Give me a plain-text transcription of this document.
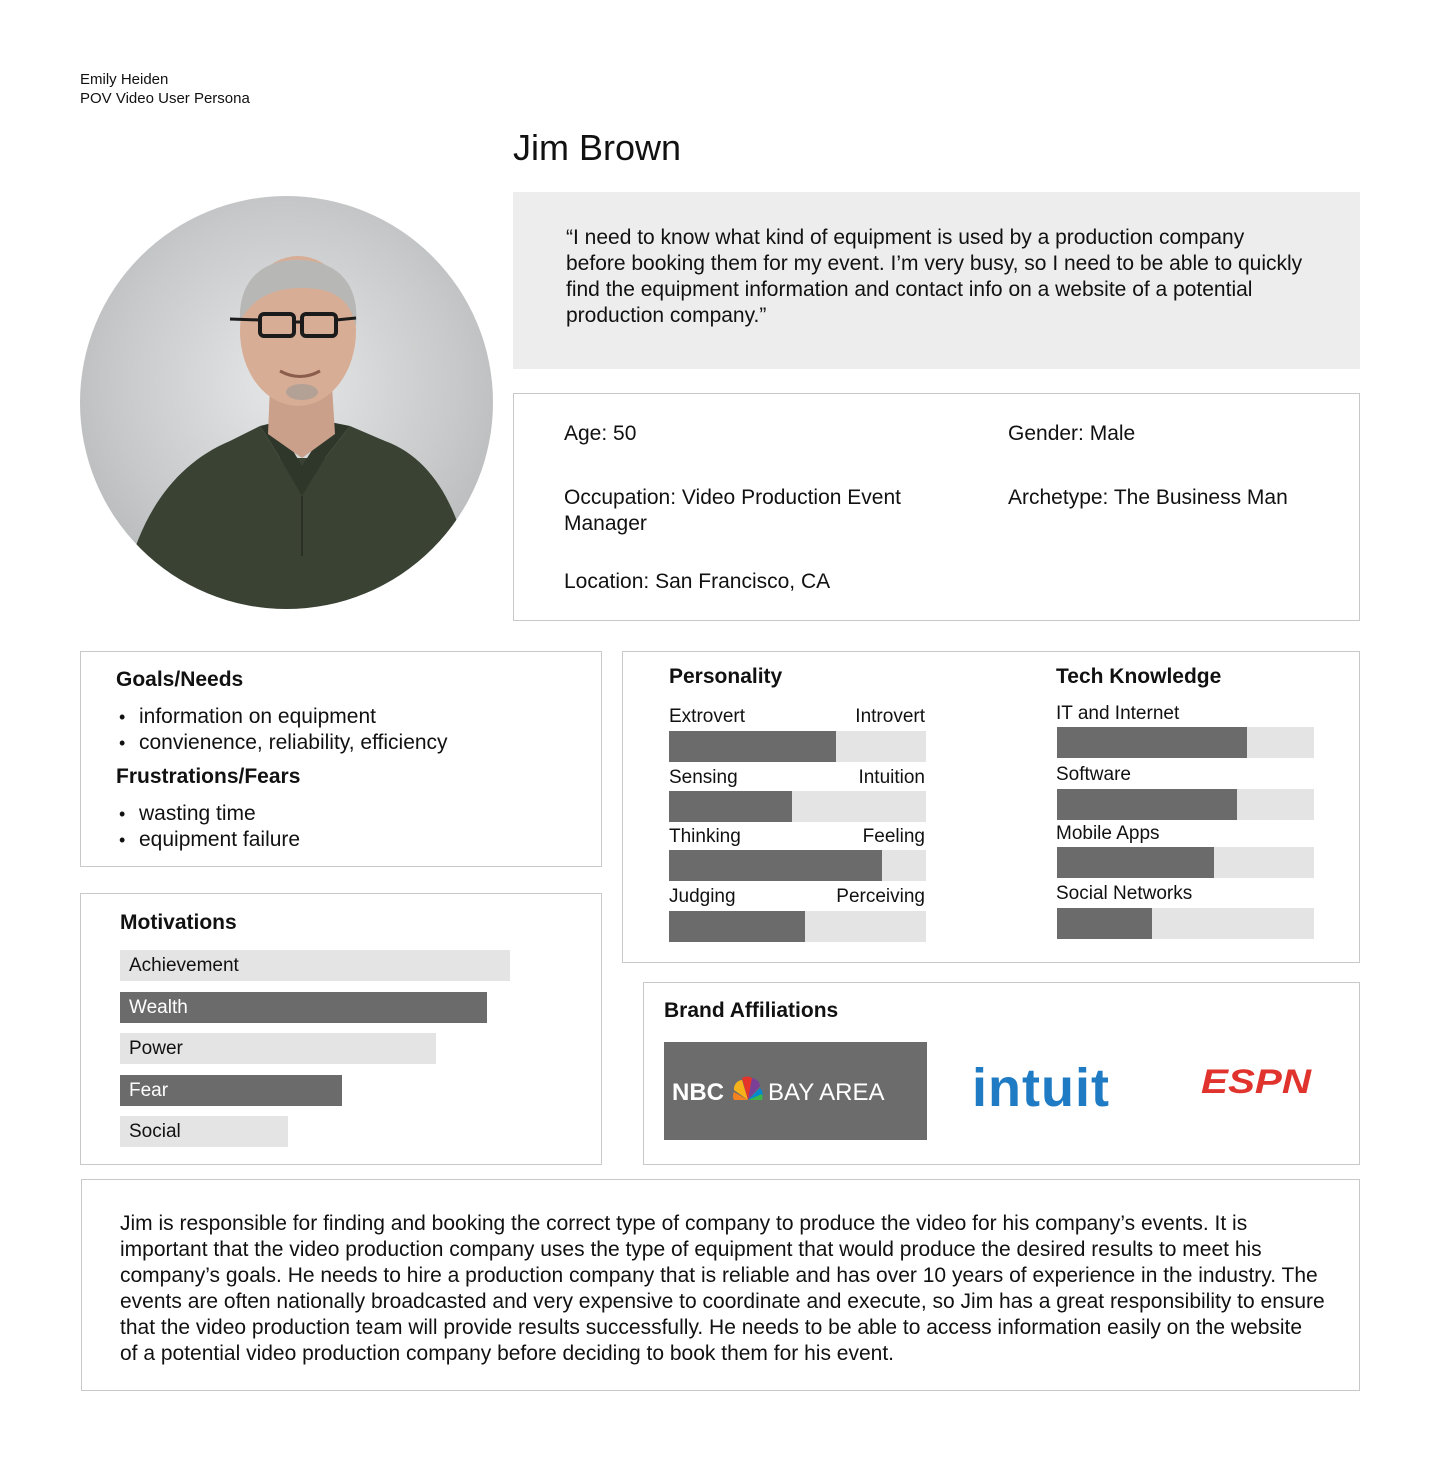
Emily Heiden
POV Video User Persona
Jim Brown
“I need to know what kind of equipment is used by a production company before booking them for my event. I’m very busy, so I need to be able to quickly find the equipment information and contact info on a website of a potential production company.”
Age: 50	Gender: Male
Occupation: Video Production Event Manager
Archetype: The Business Man
Location: San Francisco, CA
Goals/Needs
• information on equipment
• convienence, reliability, efficiency
Frustrations/Fears
• wasting time
• equipment failure
Motivations
Achievement
Wealth
Power
Fear
Social
Personality
Extrovert	Introvert
Sensing	Intuition
Thinking	Feeling
Judging	Perceiving
Tech Knowledge
IT and Internet
Software
Mobile Apps
Social Networks
Brand Affiliations
NBC BAY AREA intuit	ESPN
Jim is responsible for finding and booking the correct type of company to produce the video for his company’s events. It is important that the video production company uses the type of equipment that would produce the desired results to meet his company’s goals. He needs to hire a production company that is reliable and has over 10 years of experience in the industry. The events are often nationally broadcasted and very expensive to coordinate and execute, so Jim has a great responsibility to ensure that the video production team will provide results successfully. He needs to be able to access information easily on the website of a potential video production company before deciding to book them for his event.
